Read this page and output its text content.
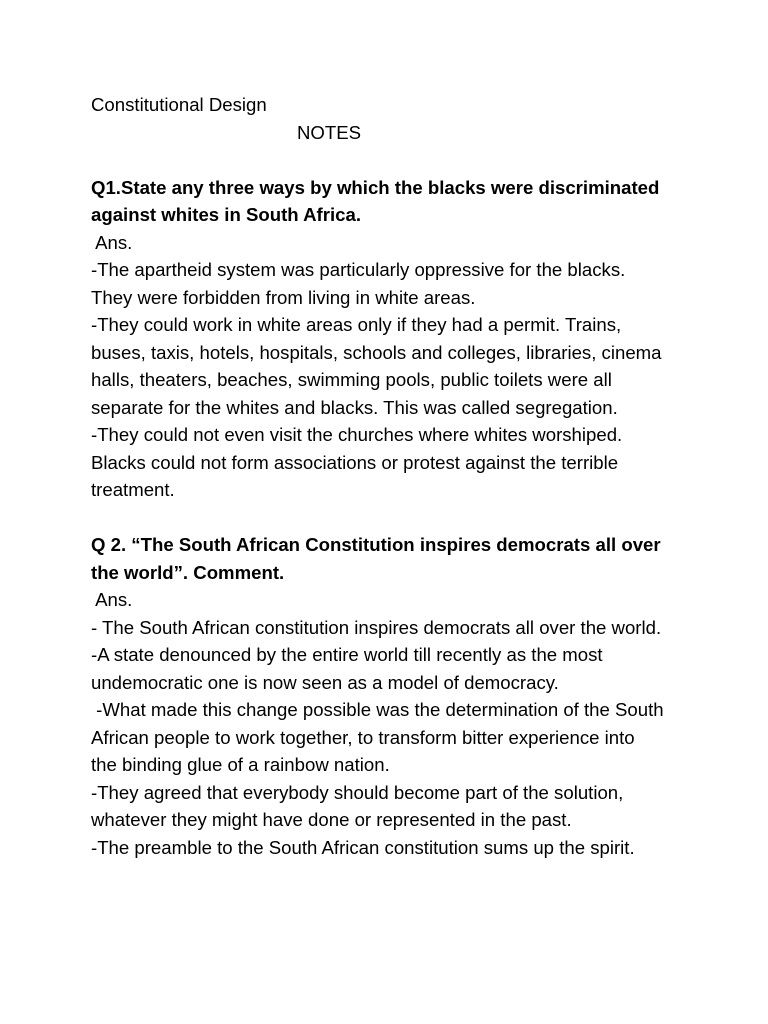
Constitutional Design
NOTES
Q1.State any three ways by which the blacks were discriminated
against whites in South Africa.
Ans.
-The apartheid system was particularly oppressive for the blacks.
They were forbidden from living in white areas.
-They could work in white areas only if they had a permit. Trains,
buses, taxis, hotels, hospitals, schools and colleges, libraries, cinema
halls, theaters, beaches, swimming pools, public toilets were all
separate for the whites and blacks. This was called segregation.
-They could not even visit the churches where whites worshiped.
Blacks could not form associations or protest against the terrible
treatment.
Q 2. “The South African Constitution inspires democrats all over
the world”. Comment.
Ans.
- The South African constitution inspires democrats all over the world.
-A state denounced by the entire world till recently as the most
undemocratic one is now seen as a model of democracy.
-What made this change possible was the determination of the South
African people to work together, to transform bitter experience into
the binding glue of a rainbow nation.
-They agreed that everybody should become part of the solution,
whatever they might have done or represented in the past.
-The preamble to the South African constitution sums up the spirit.
